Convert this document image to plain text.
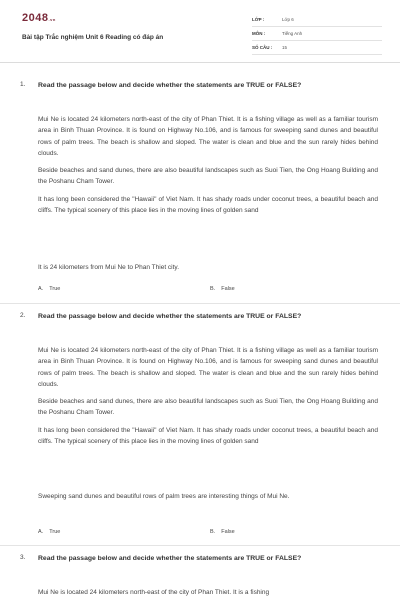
2048.vn
Bài tập Trắc nghiệm Unit 6 Reading có đáp án
LỚP :	Lớp 6
MÔN :	Tiếng Anh
SỐ CÂU :	15
1. Read the passage below and decide whether the statements are TRUE or FALSE?

Mui Ne is located 24 kilometers north-east of the city of Phan Thiet. It is a fishing village as well as a familiar tourism area in Binh Thuan Province. It is found on Highway No.106, and is famous for sweeping sand dunes and beautiful rows of palm trees. The beach is shallow and sloped. The water is clean and blue and the sun rarely hides behind clouds.

Beside beaches and sand dunes, there are also beautiful landscapes such as Suoi Tien, the Ong Hoang Building and the Poshanu Cham Tower.

It has long been considered the "Hawaii" of Viet Nam. It has shady roads under coconut trees, a beautiful beach and cliffs. The typical scenery of this place lies in the moving lines of golden sand

It is 24 kilometers from Mui Ne to Phan Thiet city.
A. True	B. False
2. Read the passage below and decide whether the statements are TRUE or FALSE?

Mui Ne is located 24 kilometers north-east of the city of Phan Thiet. It is a fishing village as well as a familiar tourism area in Binh Thuan Province. It is found on Highway No.106, and is famous for sweeping sand dunes and beautiful rows of palm trees. The beach is shallow and sloped. The water is clean and blue and the sun rarely hides behind clouds.

Beside beaches and sand dunes, there are also beautiful landscapes such as Suoi Tien, the Ong Hoang Building and the Poshanu Cham Tower.

It has long been considered the "Hawaii" of Viet Nam. It has shady roads under coconut trees, a beautiful beach and cliffs. The typical scenery of this place lies in the moving lines of golden sand

Sweeping sand dunes and beautiful rows of palm trees are interesting things of Mui Ne.
A. True	B. False
3. Read the passage below and decide whether the statements are TRUE or FALSE?

Mui Ne is located 24 kilometers north-east of the city of Phan Thiet. It is a fishing
